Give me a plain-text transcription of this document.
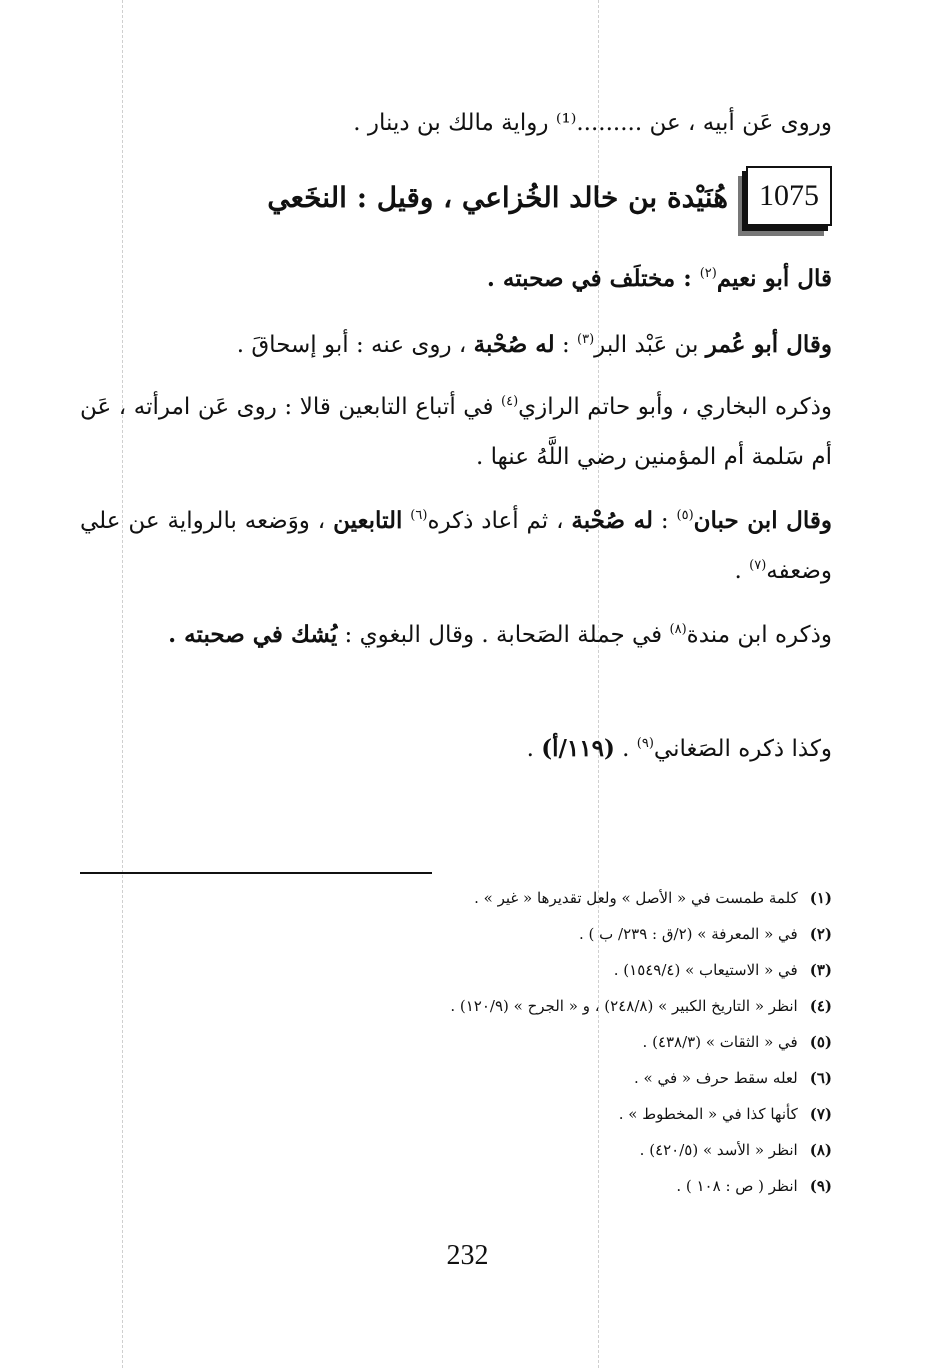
وروى عَن أبيه ، عن .........⁽¹⁾ رواية مالك بن دينار .
1075
هُنَيْدة بن خالد الخُزاعي ، وقيل : النخَعي
قال أبو نعيم$^{(٢)}$ : مختلَف في صحبته .
وقال أبو عُمر بن عَبْد البر$^{(٣)}$ : له صُحْبة ، روى عنه : أبو إسحاقَ .
وذكره البخاري ، وأبو حاتم الرازي$^{(٤)}$ في أتباع التابعين قالا : روى عَن امرأته ، عَن أم سَلمة أم المؤمنين رضي اللَّهُ عنها .
وقال ابن حبان$^{(٥)}$ : له صُحْبة ، ثم أعاد ذكره$^{(٦)}$ التابعين ، ووَضعه بالرواية عن علي وضعفه$^{(٧)}$ .
وذكره ابن مندة$^{(٨)}$ في جملة الصَحابة . وقال البغوي : يُشك في صحبته .
وكذا ذكره الصَغاني$^{(٩)}$ . (١١٩/أ) .
(١)كلمة طمست في « الأصل » ولعل تقديرها « غير » .
(٢)في « المعرفة » (٢/ق : ٢٣٩/ ب ) .
(٣)في « الاستيعاب » (١٥٤٩/٤) .
(٤)انظر « التاريخ الكبير » (٢٤٨/٨) ، و « الجرح » (١٢٠/٩) .
(٥)في « الثقات » (٤٣٨/٣) .
(٦)لعله سقط حرف « في » .
(٧)كأنها كذا في « المخطوط » .
(٨)انظر « الأسد » (٤٢٠/٥) .
(٩)انظر ( ص : ١٠٨ ) .
232
